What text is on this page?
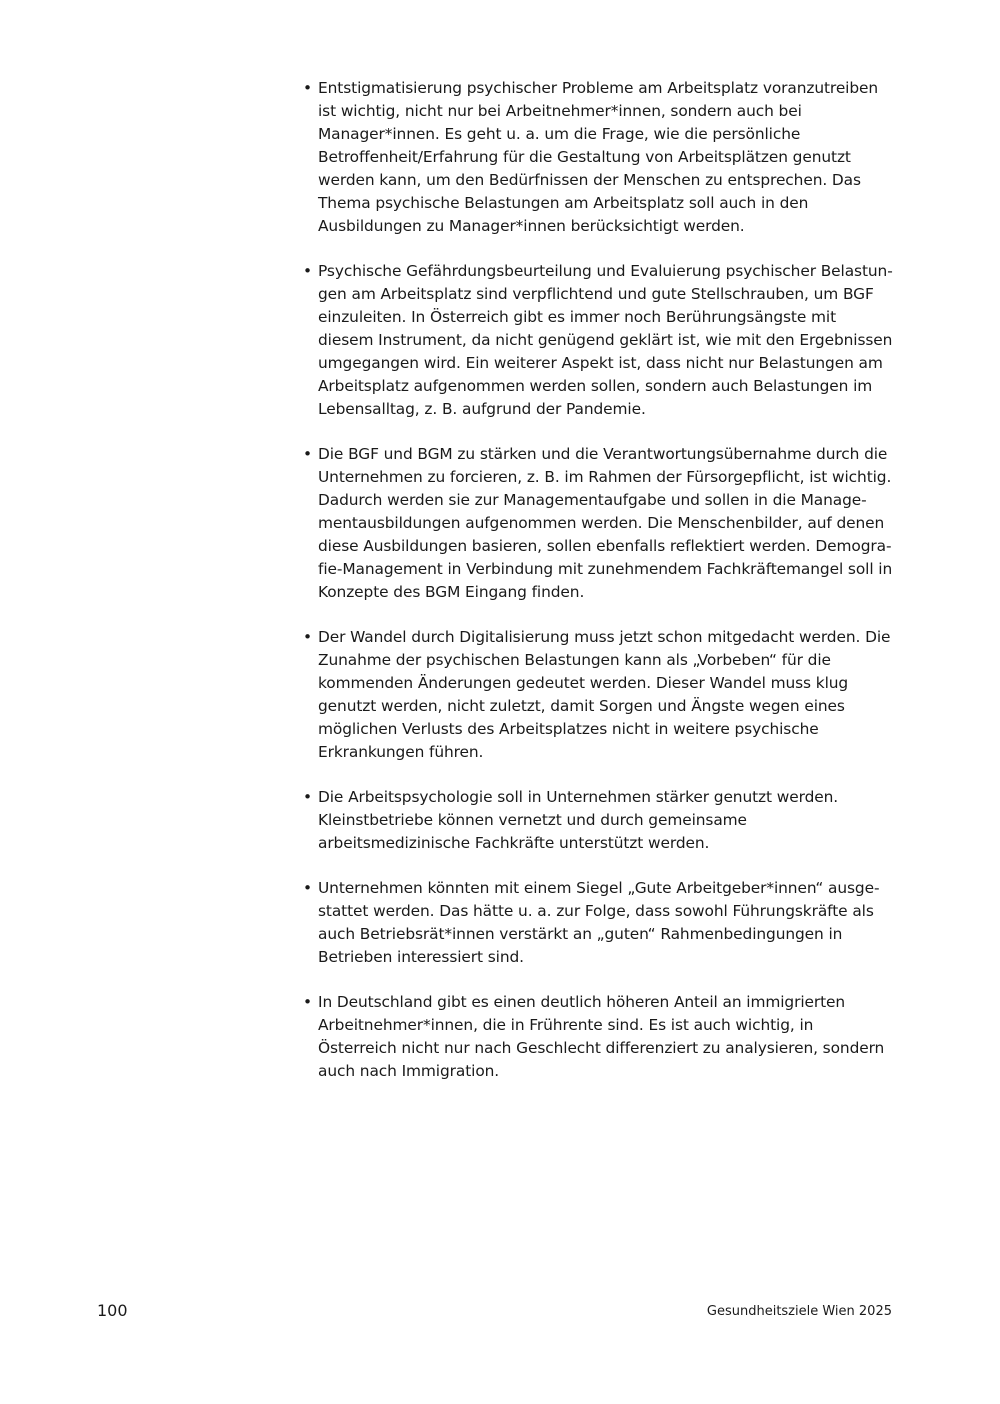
• Entstigmatisierung psychischer Probleme am Arbeitsplatz voranzutreiben ist wichtig, nicht nur bei Arbeitnehmer*innen, sondern auch bei Manager*innen. Es geht u. a. um die Frage, wie die persönliche Betroffenheit/Erfahrung für die Gestaltung von Arbeitsplätzen genutzt werden kann, um den Bedürfnissen der Menschen zu entsprechen. Das Thema psychische Belastungen am Arbeitsplatz soll auch in den Ausbildungen zu Manager*innen berücksichtigt werden.
• Psychische Gefährdungsbeurteilung und Evaluierung psychischer Belastungen am Arbeitsplatz sind verpflichtend und gute Stellschrauben, um BGF einzuleiten. In Österreich gibt es immer noch Berührungsängste mit diesem Instrument, da nicht genügend geklärt ist, wie mit den Ergebnissen umgegangen wird. Ein weiterer Aspekt ist, dass nicht nur Belastungen am Arbeitsplatz aufgenommen werden sollen, sondern auch Belastungen im Lebensalltag, z. B. aufgrund der Pandemie.
• Die BGF und BGM zu stärken und die Verantwortungsübernahme durch die Unternehmen zu forcieren, z. B. im Rahmen der Fürsorgepflicht, ist wichtig. Dadurch werden sie zur Managementaufgabe und sollen in die Managementausbildungen aufgenommen werden. Die Menschenbilder, auf denen diese Ausbildungen basieren, sollen ebenfalls reflektiert werden. Demografie-Management in Verbindung mit zunehmendem Fachkräftemangel soll in Konzepte des BGM Eingang finden.
• Der Wandel durch Digitalisierung muss jetzt schon mitgedacht werden. Die Zunahme der psychischen Belastungen kann als „Vorbeben“ für die kommenden Änderungen gedeutet werden. Dieser Wandel muss klug genutzt werden, nicht zuletzt, damit Sorgen und Ängste wegen eines möglichen Verlusts des Arbeitsplatzes nicht in weitere psychische Erkrankungen führen.
• Die Arbeitspsychologie soll in Unternehmen stärker genutzt werden. Kleinstbetriebe können vernetzt und durch gemeinsame arbeitsmedizinische Fachkräfte unterstützt werden.
• Unternehmen könnten mit einem Siegel „Gute Arbeitgeber*innen“ ausgestattet werden. Das hätte u. a. zur Folge, dass sowohl Führungskräfte als auch Betriebsrät*innen verstärkt an „guten“ Rahmenbedingungen in Betrieben interessiert sind.
• In Deutschland gibt es einen deutlich höheren Anteil an immigrierten Arbeitnehmer*innen, die in Frührente sind. Es ist auch wichtig, in Österreich nicht nur nach Geschlecht differenziert zu analysieren, sondern auch nach Immigration.
100	Gesundheitsziele Wien 2025
